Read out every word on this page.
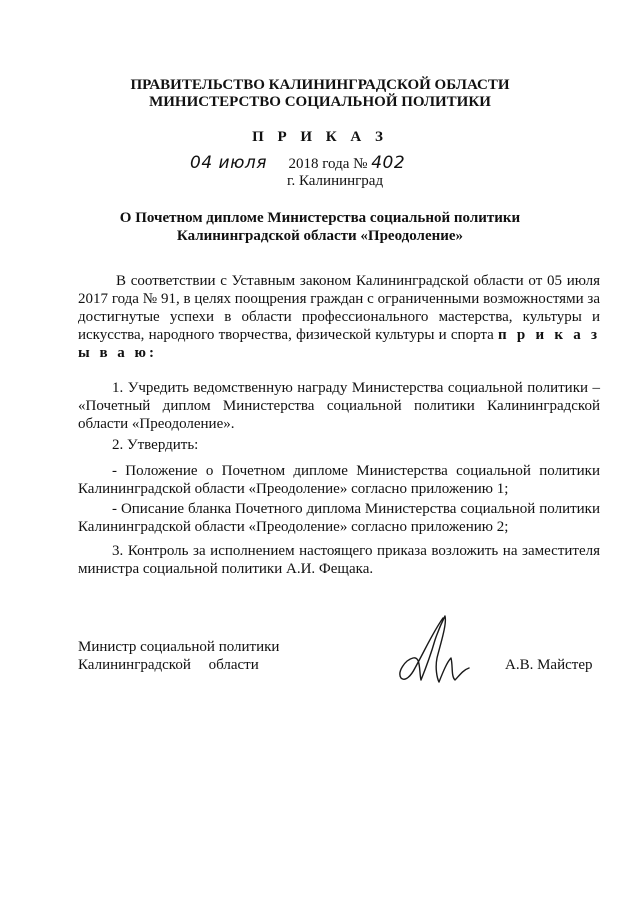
ПРАВИТЕЛЬСТВО КАЛИНИНГРАДСКОЙ ОБЛАСТИ
МИНИСТЕРСТВО СОЦИАЛЬНОЙ ПОЛИТИКИ
П Р И К А З
04 июля 2018 года № 402
г. Калининград
О Почетном дипломе Министерства социальной политики
Калининградской области «Преодоление»
В соответствии с Уставным законом Калининградской области от 05 июля 2017 года № 91, в целях поощрения граждан с ограниченными возможностями за достигнутые успехи в области профессионального мастерства, культуры и искусства, народного творчества, физической культуры и спорта п р и к а з ы в а ю:
1. Учредить ведомственную награду Министерства социальной политики – «Почетный диплом Министерства социальной политики Калининградской области «Преодоление».
2. Утвердить:
- Положение о Почетном дипломе Министерства социальной политики Калининградской области «Преодоление» согласно приложению 1;
- Описание бланка Почетного диплома Министерства социальной политики Калининградской области «Преодоление» согласно приложению 2;
3. Контроль за исполнением настоящего приказа возложить на заместителя министра социальной политики А.И. Фещака.
Министр социальной политики
Калининградской области	А.В. Майстер
